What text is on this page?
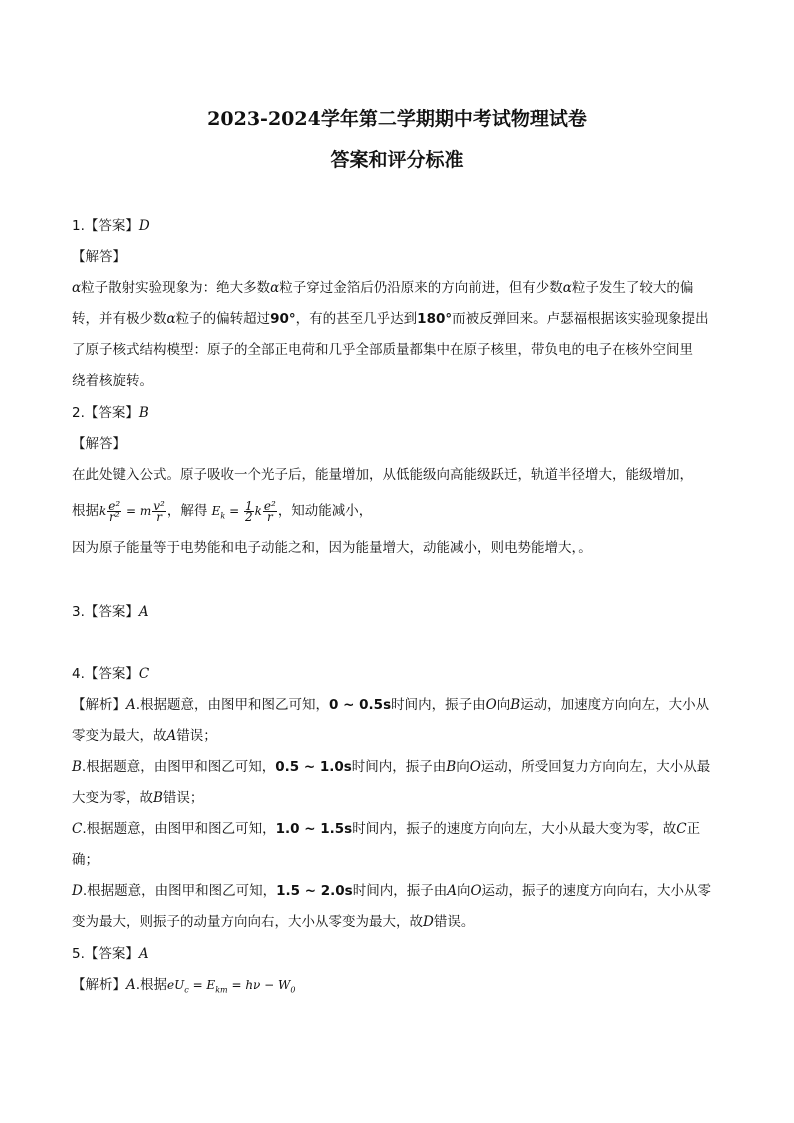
2023-2024学年第二学期期中考试物理试卷
答案和评分标准
1.【答案】D
【解答】
α粒子散射实验现象为：绝大多数α粒子穿过金箔后仍沿原来的方向前进，但有少数α粒子发生了较大的偏
转，并有极少数α粒子的偏转超过90°，有的甚至几乎达到180°而被反弹回来。卢瑟福根据该实验现象提出
了原子核式结构模型：原子的全部正电荷和几乎全部质量都集中在原子核里，带负电的电子在核外空间里
绕着核旋转。
2.【答案】B
【解答】
在此处键入公式。原子吸收一个光子后，能量增加，从低能级向高能级跃迁，轨道半径增大，能级增加，
根据k $\frac{\text{e²}}{\text{r²}} = m \frac{\text{v²}}{r}$ ，解得 $E_k = \frac{1}{2}$ k $\frac{\text{e²}}{r}$ ，知动能减小，
因为原子能量等于电势能和电子动能之和，因为能量增大，动能减小，则电势能增大，。
3.【答案】A
4.【答案】C
【解析】A.根据题意，由图甲和图乙可知，0 ~ 0.5s时间内，振子由O向B运动，加速度方向向左，大小从
零变为最大，故A错误；
B.根据题意，由图甲和图乙可知，0.5 ~ 1.0s时间内，振子由B向O运动，所受回复力方向向左，大小从最
大变为零，故B错误；
C.根据题意，由图甲和图乙可知，1.0 ~ 1.5s时间内，振子的速度方向向左，大小从最大变为零，故C正
确；
D.根据题意，由图甲和图乙可知，1.5 ~ 2.0s时间内，振子由A向O运动，振子的速度方向向右，大小从零
变为最大，则振子的动量方向向右，大小从零变为最大，故D错误。
5.【答案】A
【解析】A.根据$eU_c = E_{km} = h\nu - W_0$
